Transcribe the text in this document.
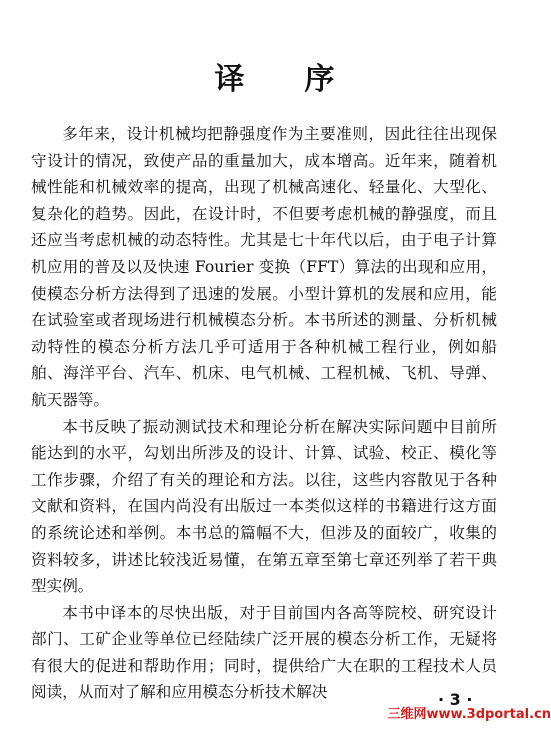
译 序

多年来，设计机械均把静强度作为主要准则，因此往往出现保守设计的情况，致使产品的重量加大，成本增高。近年来，随着机械性能和机械效率的提高，出现了机械高速化、轻量化、大型化、复杂化的趋势。因此，在设计时，不但要考虑机械的静强度，而且还应当考虑机械的动态特性。尤其是七十年代以后，由于电子计算机应用的普及以及快速 Fourier 变换（FFT）算法的出现和应用，使模态分析方法得到了迅速的发展。小型计算机的发展和应用，能在试验室或者现场进行机械模态分析。本书所述的测量、分析机械动特性的模态分析方法几乎可适用于各种机械工程行业，例如船舶、海洋平台、汽车、机床、电气机械、工程机械、飞机、导弹、航天器等。

本书反映了振动测试技术和理论分析在解决实际问题中目前所能达到的水平，勾划出所涉及的设计、计算、试验、校正、模化等工作步骤，介绍了有关的理论和方法。以往，这些内容散见于各种文献和资料，在国内尚没有出版过一本类似这样的书籍进行这方面的系统论述和举例。本书总的篇幅不大，但涉及的面较广，收集的资料较多，讲述比较浅近易懂，在第五章至第七章还列举了若干典型实例。

本书中译本的尽快出版，对于目前国内各高等院校、研究设计部门、工矿企业等单位已经陆续广泛开展的模态分析工作，无疑将有很大的促进和帮助作用；同时，提供给广大在职的工程技术人员阅读，从而对了解和应用模态分析技术解决	· 3 ·
三维网www.3dportal.cn
